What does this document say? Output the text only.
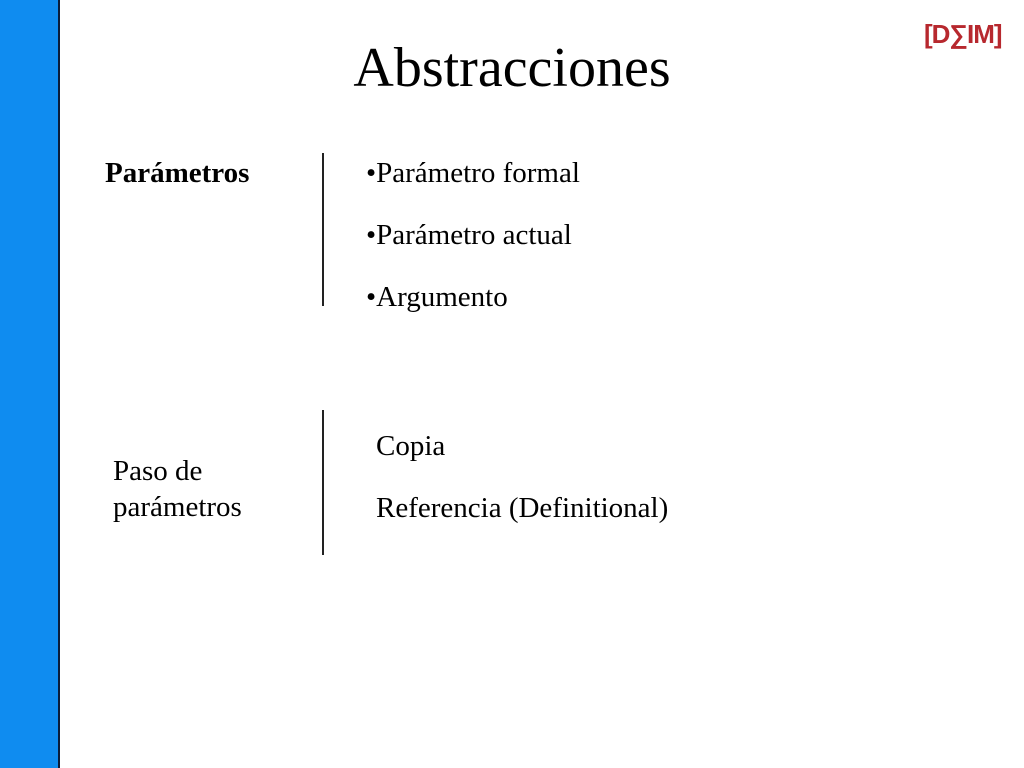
[D∑IM]
Abstracciones
Parámetros	•Parámetro formal
•Parámetro actual
•Argumento
Paso de
parámetros
Copia
Referencia (Definitional)
